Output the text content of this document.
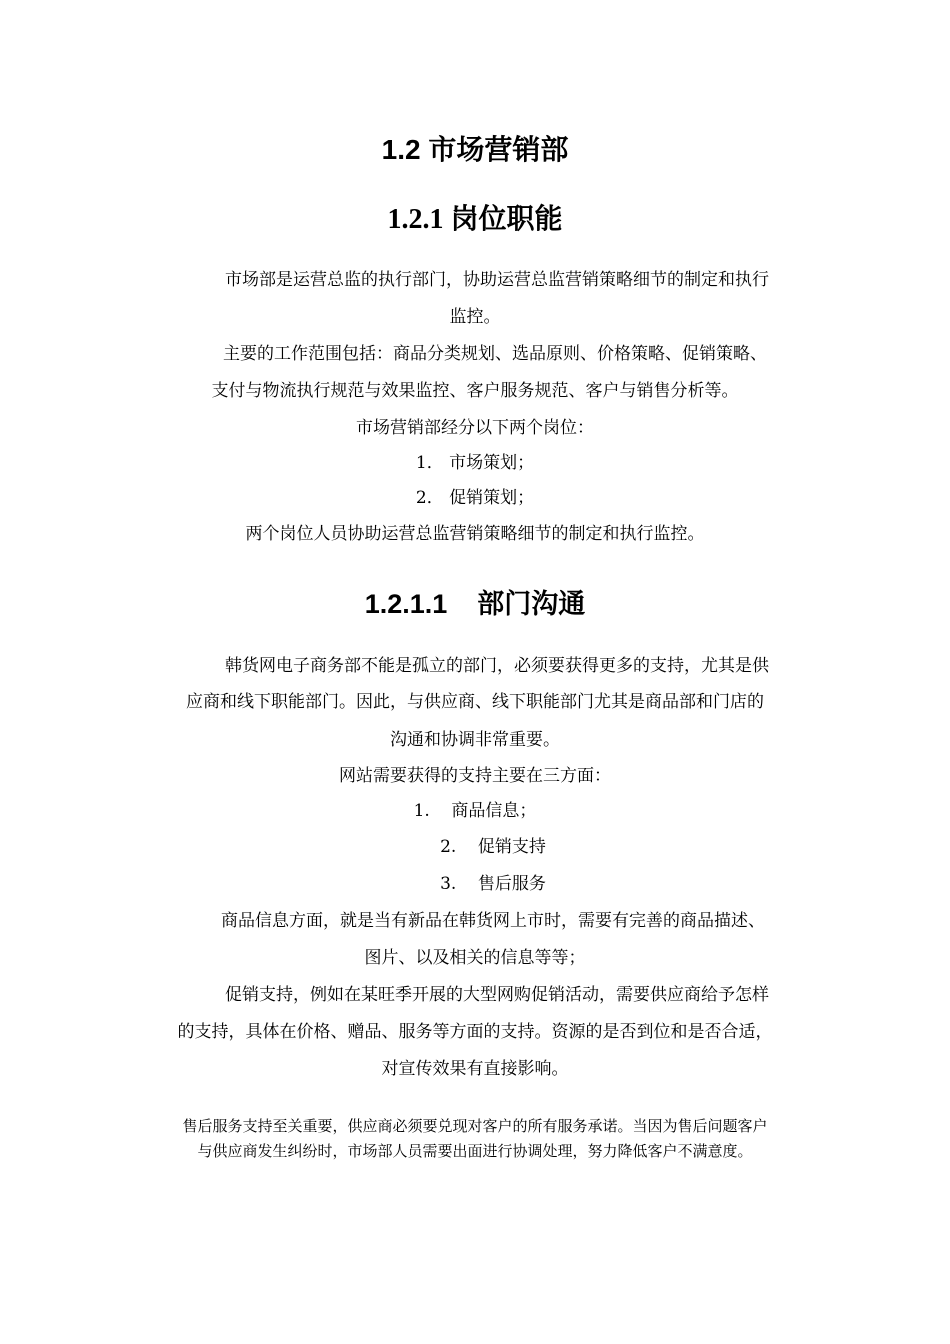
1.2 市场营销部
1.2.1 岗位职能
市场部是运营总监的执行部门，协助运营总监营销策略细节的制定和执行
监控。
主要的工作范围包括：商品分类规划、选品原则、价格策略、促销策略、
支付与物流执行规范与效果监控、客户服务规范、客户与销售分析等。
市场营销部经分以下两个岗位：
1． 市场策划；
2． 促销策划；
两个岗位人员协助运营总监营销策略细节的制定和执行监控。
1.2.1.1    部门沟通
韩货网电子商务部不能是孤立的部门，必须要获得更多的支持，尤其是供
应商和线下职能部门。因此，与供应商、线下职能部门尤其是商品部和门店的
沟通和协调非常重要。
网站需要获得的支持主要在三方面：
1.    商品信息；
2.    促销支持
3.    售后服务
商品信息方面，就是当有新品在韩货网上市时，需要有完善的商品描述、
图片、以及相关的信息等等；
促销支持，例如在某旺季开展的大型网购促销活动，需要供应商给予怎样
的支持，具体在价格、赠品、服务等方面的支持。资源的是否到位和是否合适，
对宣传效果有直接影响。
售后服务支持至关重要，供应商必须要兑现对客户的所有服务承诺。当因为售后问题客户
与供应商发生纠纷时，市场部人员需要出面进行协调处理，努力降低客户不满意度。
